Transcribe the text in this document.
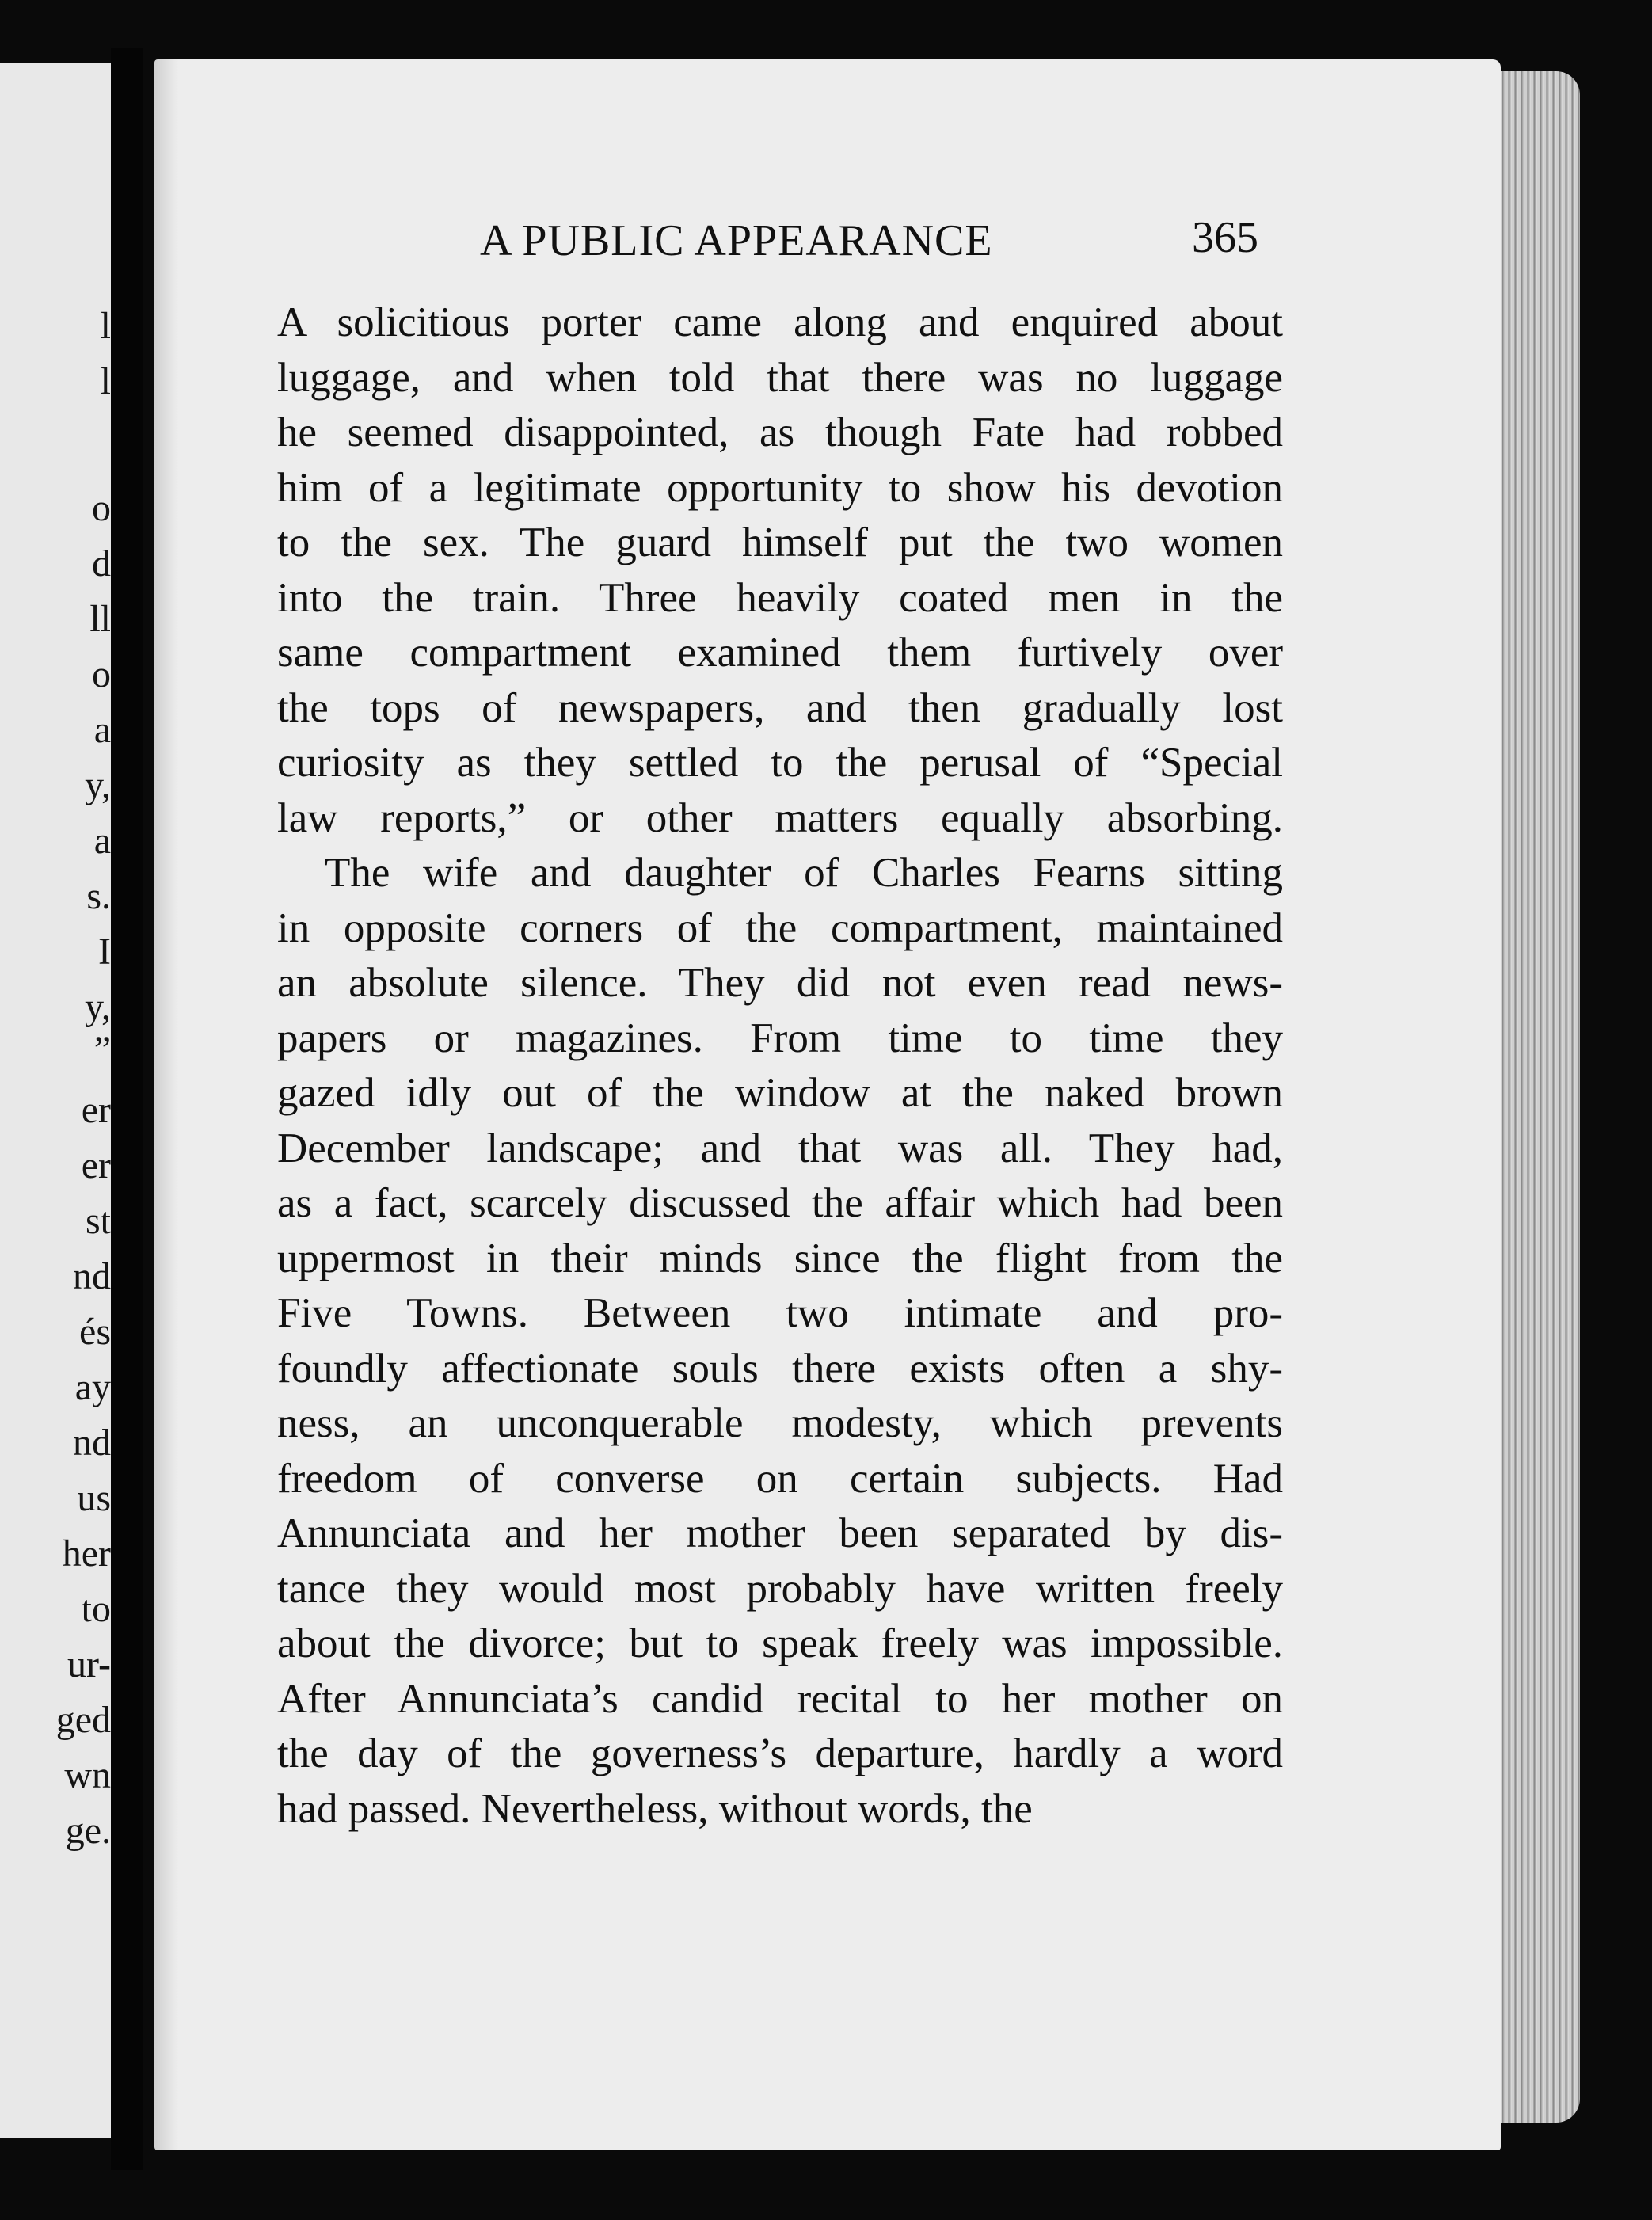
l
l
o
d
ll
o
a
y,
a
s.
I
y,
”
er
er
st
nd
és
ay
nd
us
her
to
ur-
ged
wn
ge.
A PUBLIC APPEARANCE	365
A solicitious porter came along and enquired about
luggage, and when told that there was no luggage
he seemed disappointed, as though Fate had robbed
him of a legitimate opportunity to show his devotion
to the sex. The guard himself put the two women
into the train. Three heavily coated men in the
same compartment examined them furtively over
the tops of newspapers, and then gradually lost
curiosity as they settled to the perusal of “Special
law reports,” or other matters equally absorbing.
The wife and daughter of Charles Fearns sitting
in opposite corners of the compartment, maintained
an absolute silence. They did not even read news-
papers or magazines. From time to time they
gazed idly out of the window at the naked brown
December landscape; and that was all. They had,
as a fact, scarcely discussed the affair which had been
uppermost in their minds since the flight from the
Five Towns. Between two intimate and pro-
foundly affectionate souls there exists often a shy-
ness, an unconquerable modesty, which prevents
freedom of converse on certain subjects. Had
Annunciata and her mother been separated by dis-
tance they would most probably have written freely
about the divorce; but to speak freely was impossible.
After Annunciata’s candid recital to her mother on
the day of the governess’s departure, hardly a word
had passed. Nevertheless, without words, the
